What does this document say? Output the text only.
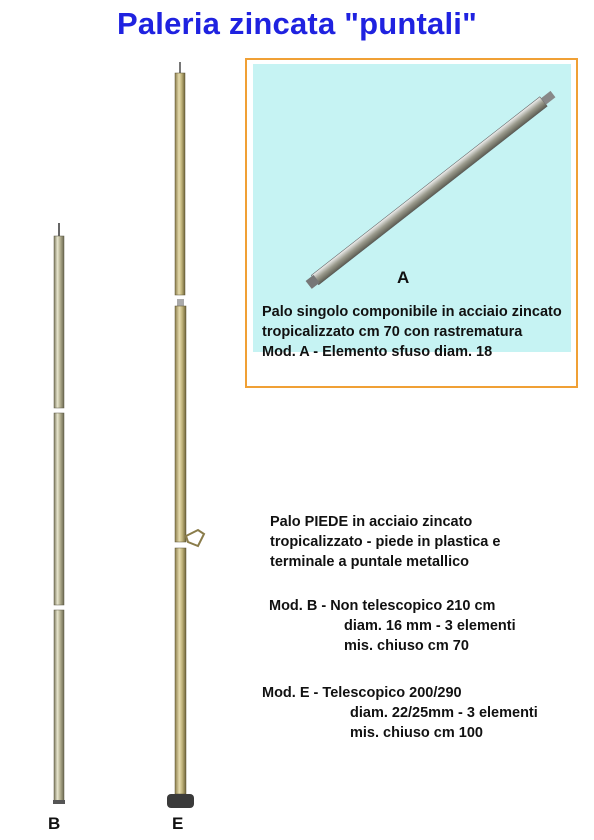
Paleria zincata "puntali"
A
Palo singolo componibile in acciaio zincato tropicalizzato cm 70 con rastrematura
Mod. A - Elemento sfuso diam. 18
Palo PIEDE in acciaio zincato
tropicalizzato - piede in plastica e
terminale a puntale metallico
Mod. B - Non telescopico 210 cm
diam. 16 mm - 3 elementi
mis. chiuso cm 70
Mod. E - Telescopico 200/290
diam. 22/25mm - 3 elementi
mis. chiuso cm 100
B	E
